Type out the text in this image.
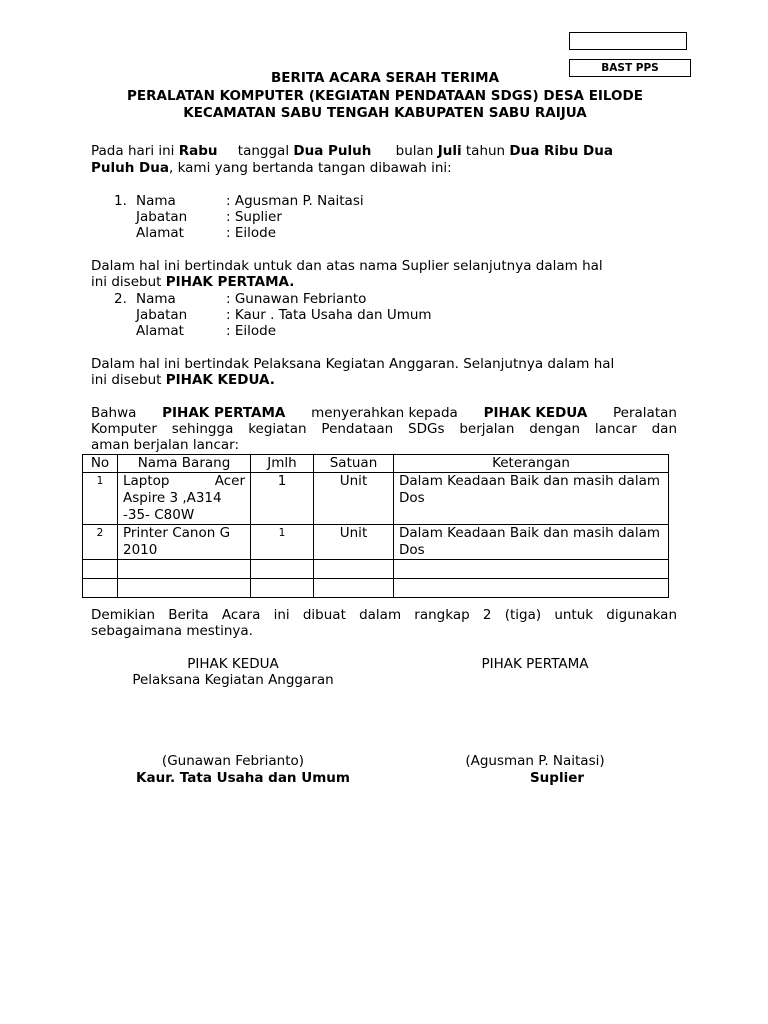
BAST PPS
BERITA ACARA SERAH TERIMA
PERALATAN KOMPUTER (KEGIATAN PENDATAAN SDGS) DESA EILODE
KECAMATAN SABU TENGAH KABUPATEN SABU RAIJUA
Pada hari ini Rabu tanggal Dua Puluh bulan Juli tahun Dua Ribu Dua
Puluh Dua, kami yang bertanda tangan dibawah ini:
1. Nama	: Agusman P. Naitasi
Jabatan	: Suplier
Alamat	: Eilode
Dalam hal ini bertindak untuk dan atas nama Suplier selanjutnya dalam hal
ini disebut PIHAK PERTAMA.
2. Nama	: Gunawan Febrianto
Jabatan	: Kaur . Tata Usaha dan Umum
Alamat	: Eilode
Dalam hal ini bertindak Pelaksana Kegiatan Anggaran. Selanjutnya dalam hal
ini disebut PIHAK KEDUA.
Bahwa PIHAK PERTAMA menyerahkan kepada PIHAK KEDUA Peralatan
Komputer sehingga kegiatan Pendataan SDGs berjalan dengan lancar dan
aman berjalan lancar:
No	Nama Barang	Jmlh	Satuan	Keterangan
1	Laptop Acer
Aspire 3 ,A314
-35- C80W	1	Unit	Dalam Keadaan Baik dan masih dalam Dos
2	Printer Canon G
2010	1	Unit	Dalam Keadaan Baik dan masih dalam Dos

Demikian Berita Acara ini dibuat dalam rangkap 2 (tiga) untuk digunakan
sebagaimana mestinya.
PIHAK KEDUA
Pelaksana Kegiatan Anggaran
PIHAK PERTAMA
(Gunawan Febrianto)
Kaur. Tata Usaha dan Umum
(Agusman P. Naitasi)
Suplier
